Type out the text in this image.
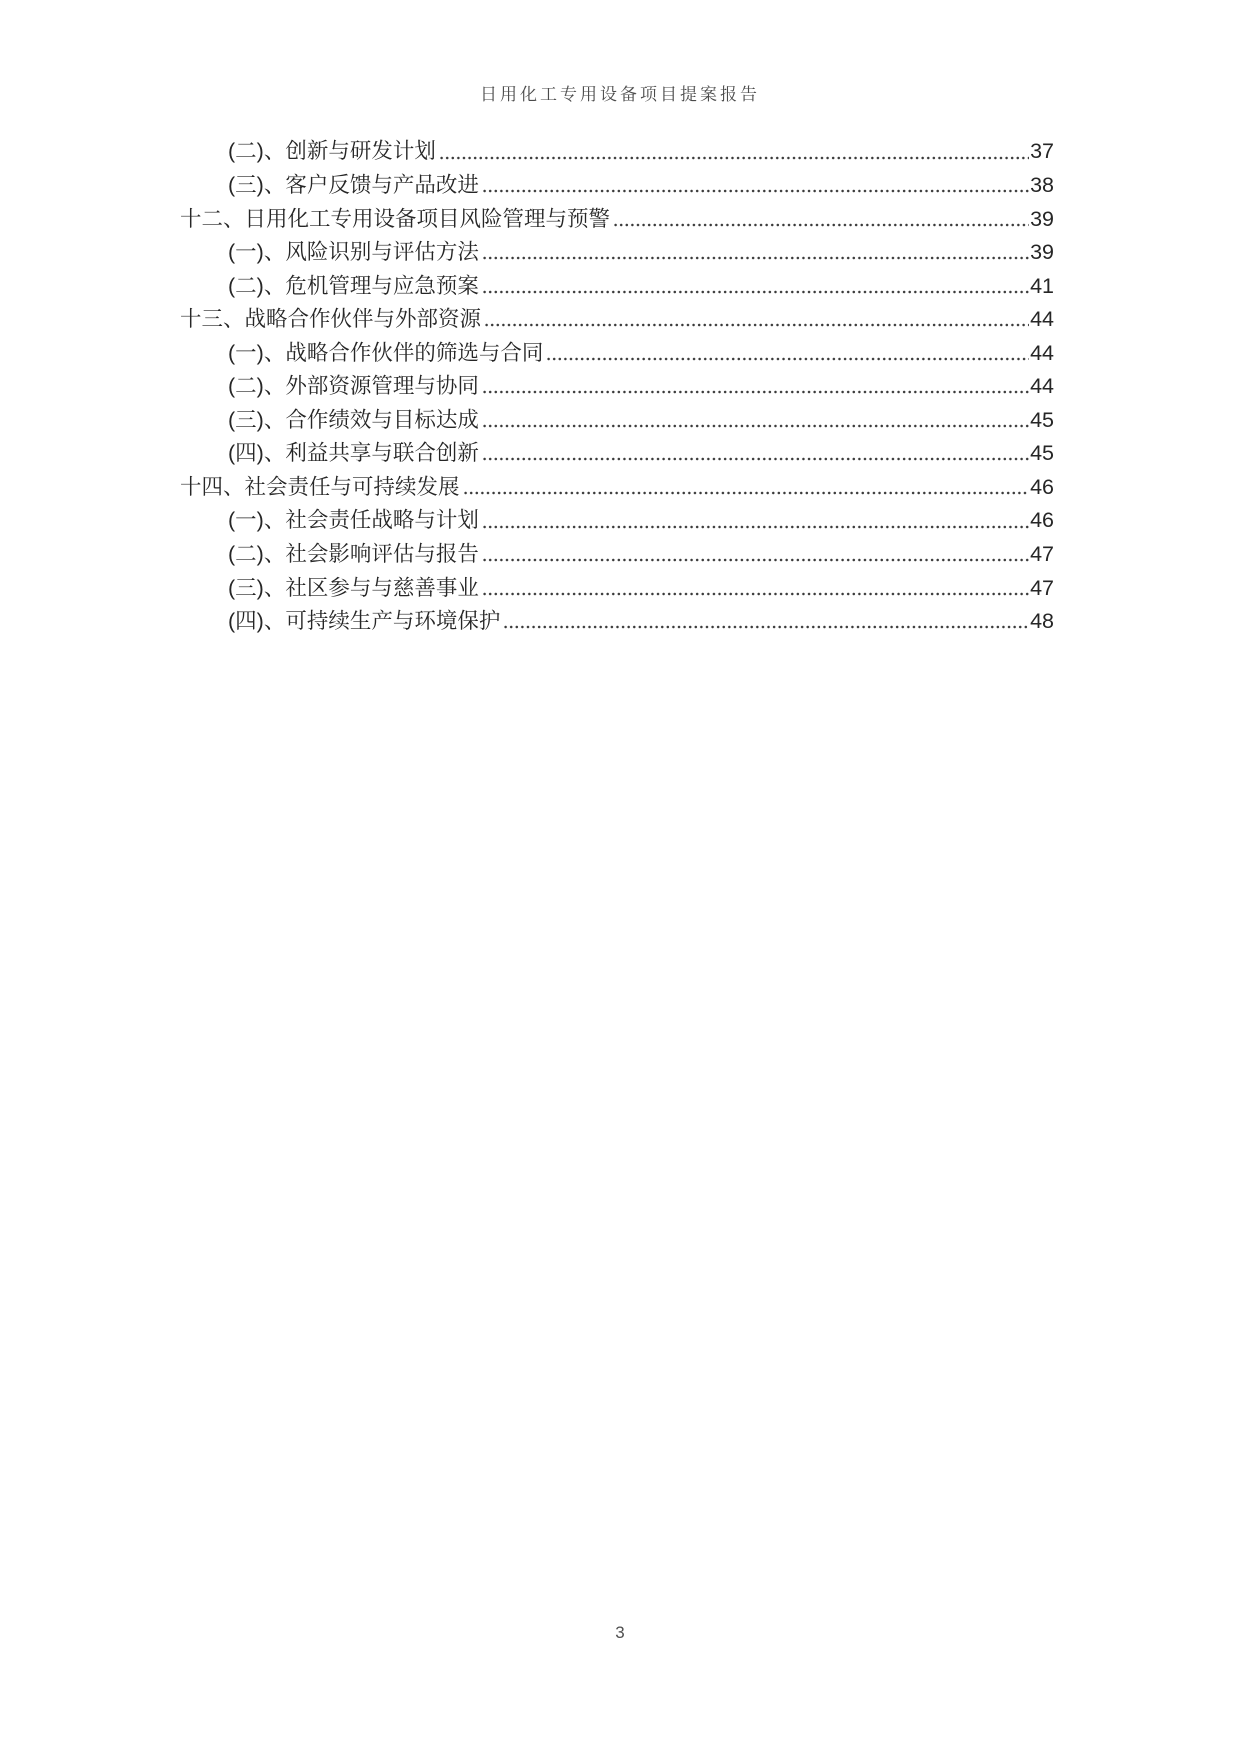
日用化工专用设备项目提案报告
(二)、创新与研发计划	37
(三)、客户反馈与产品改进	38
十二、日用化工专用设备项目风险管理与预警	39
(一)、风险识别与评估方法	39
(二)、危机管理与应急预案	41
十三、战略合作伙伴与外部资源	44
(一)、战略合作伙伴的筛选与合同	44
(二)、外部资源管理与协同	44
(三)、合作绩效与目标达成	45
(四)、利益共享与联合创新	45
十四、社会责任与可持续发展	46
(一)、社会责任战略与计划	46
(二)、社会影响评估与报告	47
(三)、社区参与与慈善事业	47
(四)、可持续生产与环境保护	48
3
